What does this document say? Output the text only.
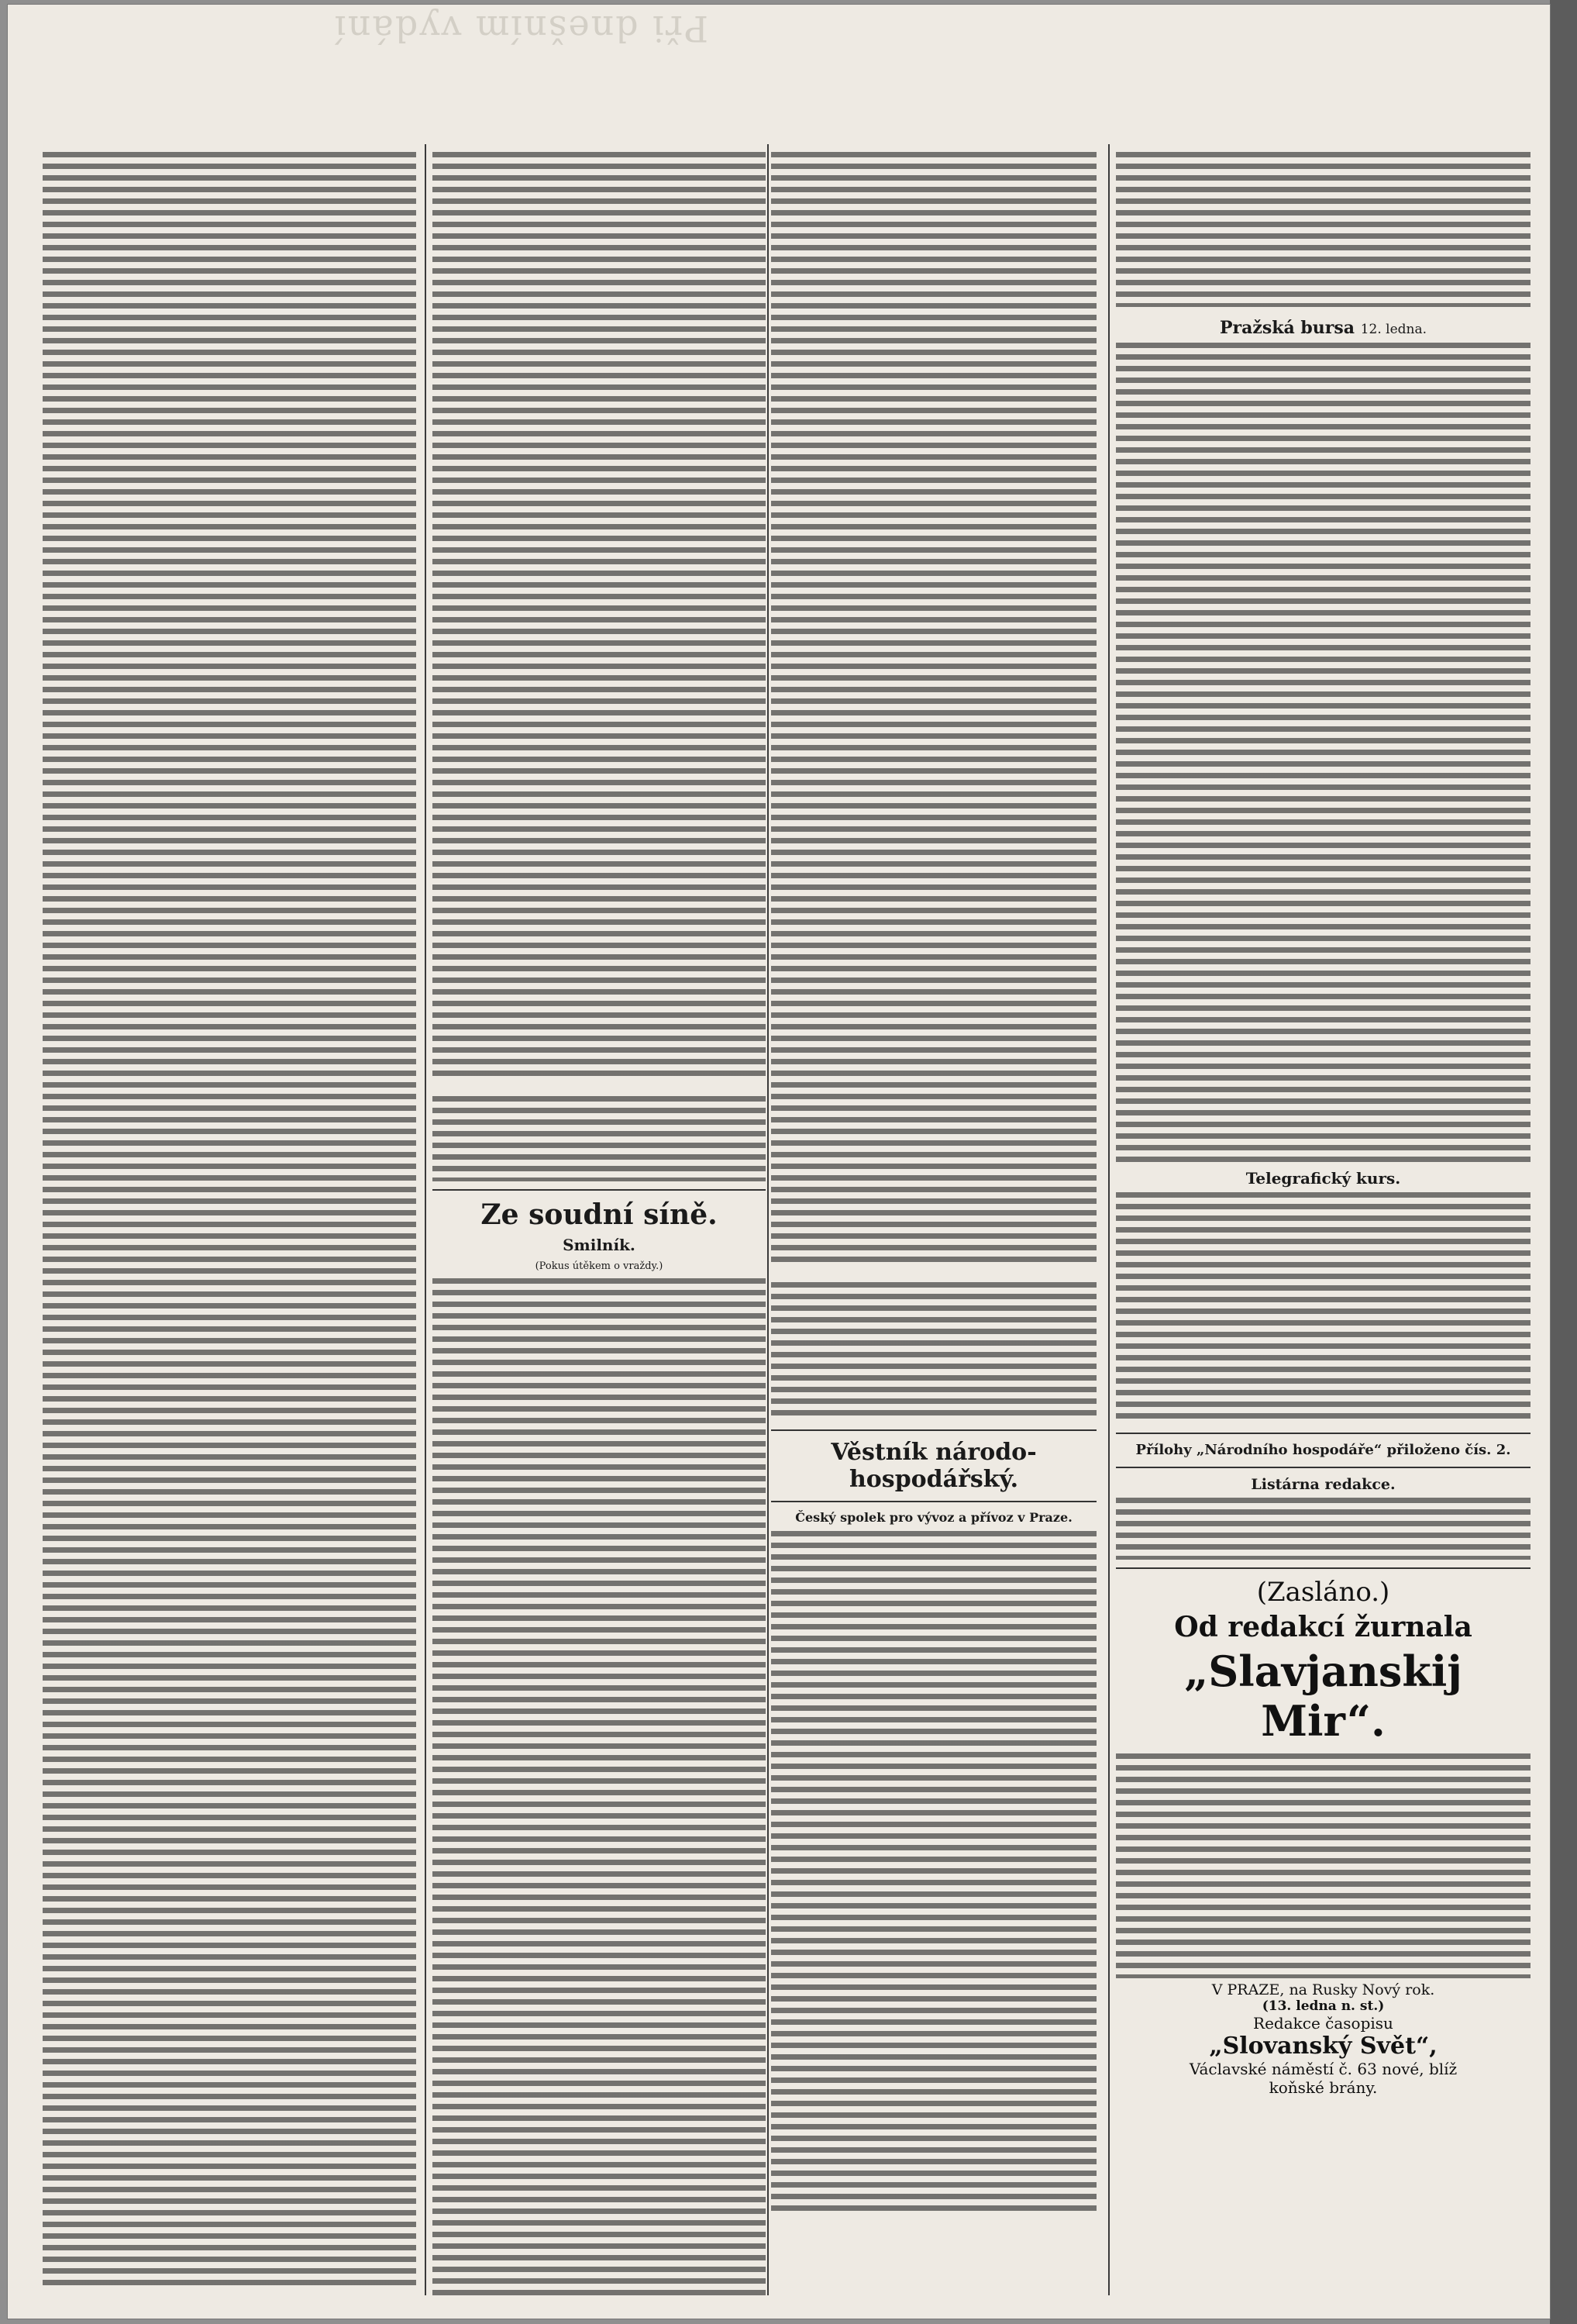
Při dnešním vydání
Ze soudní síně.
Smilník.
(Pokus útěkem o vraždy.)
Věstník národo-hospodářský.
Český spolek pro vývoz a přívoz v Praze.
Pražská bursa 12. ledna.
Telegrafický kurs.
Přílohy „Národního hospodáře“ přiloženo čís. 2.
Listárna redakce.
(Zasláno.)
Od redakcí žurnala
„Slavjanskij Mir“.
V PRAZE, na Rusky Nový rok.
(13. ledna n. st.)
Redakce časopisu
„Slovanský Svět“,
Václavské náměstí č. 63 nové, blíž
koňské brány.
